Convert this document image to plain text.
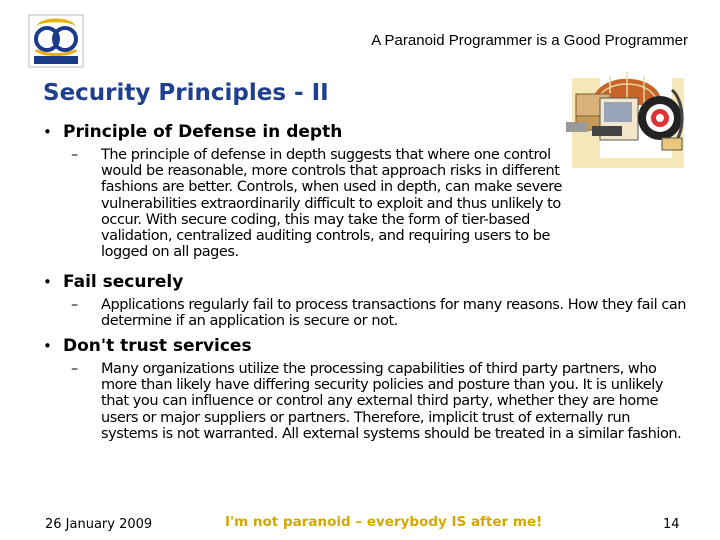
A Paranoid Programmer is a Good Programmer
Security Principles - II
• Principle of Defense in depth
–	The principle of defense in depth suggests that where one control would be reasonable, more controls that approach risks in different fashions are better. Controls, when used in depth, can make severe vulnerabilities extraordinarily difficult to exploit and thus unlikely to occur. With secure coding, this may take the form of tier-based validation, centralized auditing controls, and requiring users to be logged on all pages.
• Fail securely
–	Applications regularly fail to process transactions for many reasons. How they fail can determine if an application is secure or not.
• Don't trust services
–	Many organizations utilize the processing capabilities of third party partners, who more than likely have differing security policies and posture than you. It is unlikely that you can influence or control any external third party, whether they are home users or major suppliers or partners. Therefore, implicit trust of externally run systems is not warranted. All external systems should be treated in a similar fashion.
26 January 2009	I'm not paranoid – everybody IS after me!	14
